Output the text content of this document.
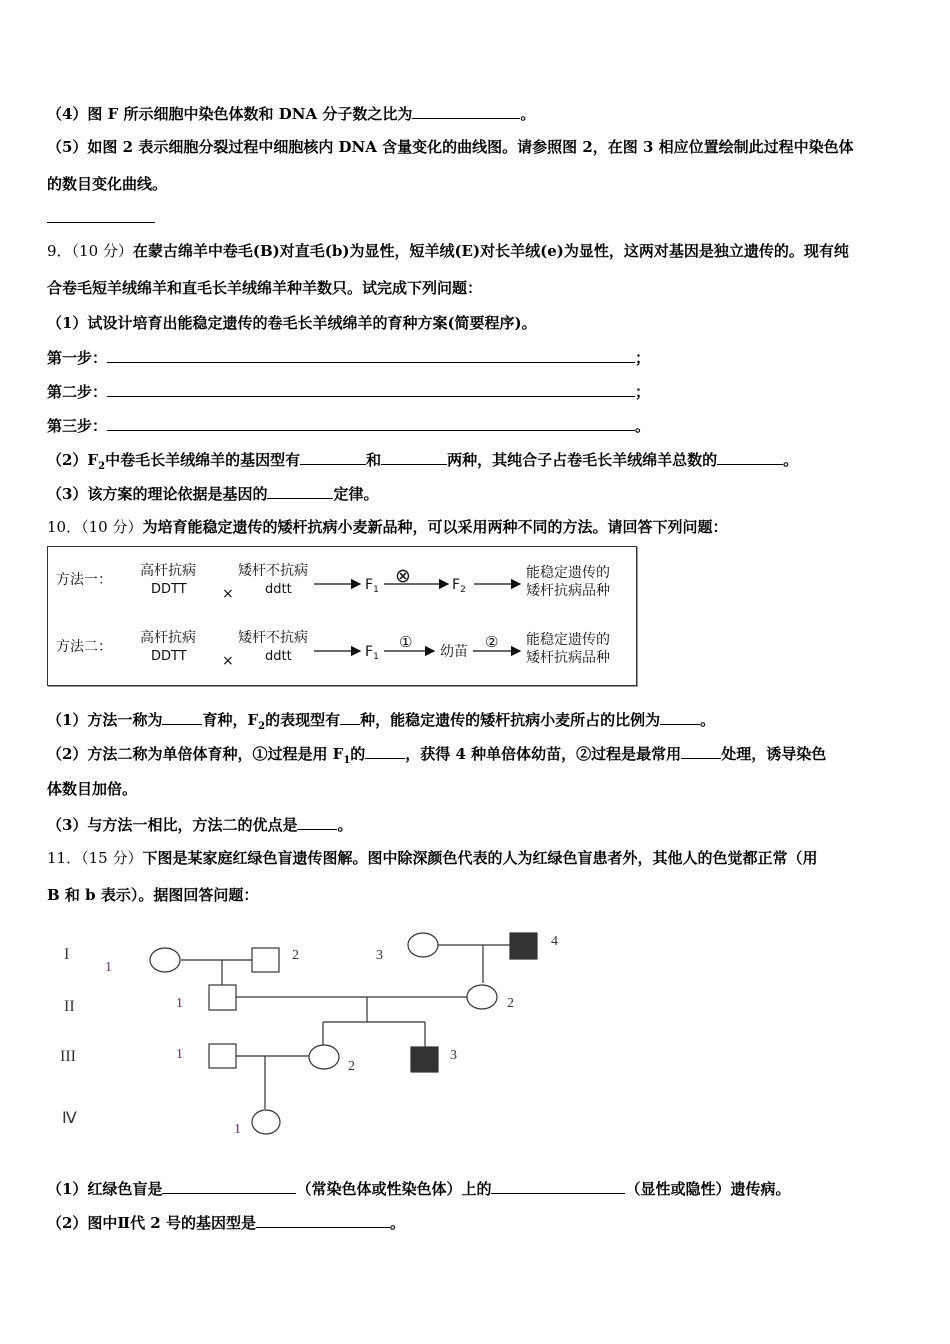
（4）图 F 所示细胞中染色体数和 DNA 分子数之比为	。
（5）如图 2 表示细胞分裂过程中细胞核内 DNA 含量变化的曲线图。请参照图 2，在图 3 相应位置绘制此过程中染色体
的数目变化曲线。
9．（10 分）在蒙古绵羊中卷毛(B)对直毛(b)为显性，短羊绒(E)对长羊绒(e)为显性，这两对基因是独立遗传的。现有纯
合卷毛短羊绒绵羊和直毛长羊绒绵羊种羊数只。试完成下列问题：
（1）试设计培育出能稳定遗传的卷毛长羊绒绵羊的育种方案(简要程序)。
第一步：	；
第二步：	；
第三步：	。
$(2)F_2$中卷毛长羊绒绵羊的基因型有	和	两种，其纯合子占卷毛长羊绒绵羊总数的	。
（3）该方案的理论依据是基因的	定律。
10．（10 分）为培育能稳定遗传的矮杆抗病小麦新品种，可以采用两种不同的方法。请回答下列问题：
方法一：
高杆抗病
DDTT	×
矮杆不抗病
ddtt	$F_1$
⊗	$F_2$
能稳定遗传的
矮杆抗病品种
方法二：
高杆抗病
DDTT	×
矮杆不抗病
ddtt	$F_1$
①
幼苗
② 能稳定遗传的
矮杆抗病品种
（1）方法一称为	育种，$F_2$的表现型有 种，能稳定遗传的矮杆抗病小麦所占的比例为	。
（2）方法二称为单倍体育种，①过程是用 $F_1$的	，获得 4 种单倍体幼苗，②过程是最常用	处理，诱导染色
体数目加倍。
（3）与方法一相比，方法二的优点是	。
11．（15 分）下图是某家庭红绿色盲遗传图解。图中除深颜色代表的人为红绿色盲患者外，其他人的色觉都正常（用
B 和 b 表示）。据图回答问题：
I
II
III
Ⅳ
1
2	3
4
1	2
1
2
3
1
（1）红绿色盲是	（常染色体或性染色体）上的	（显性或隐性）遗传病。
（2）图中Ⅱ代 2 号的基因型是	。
